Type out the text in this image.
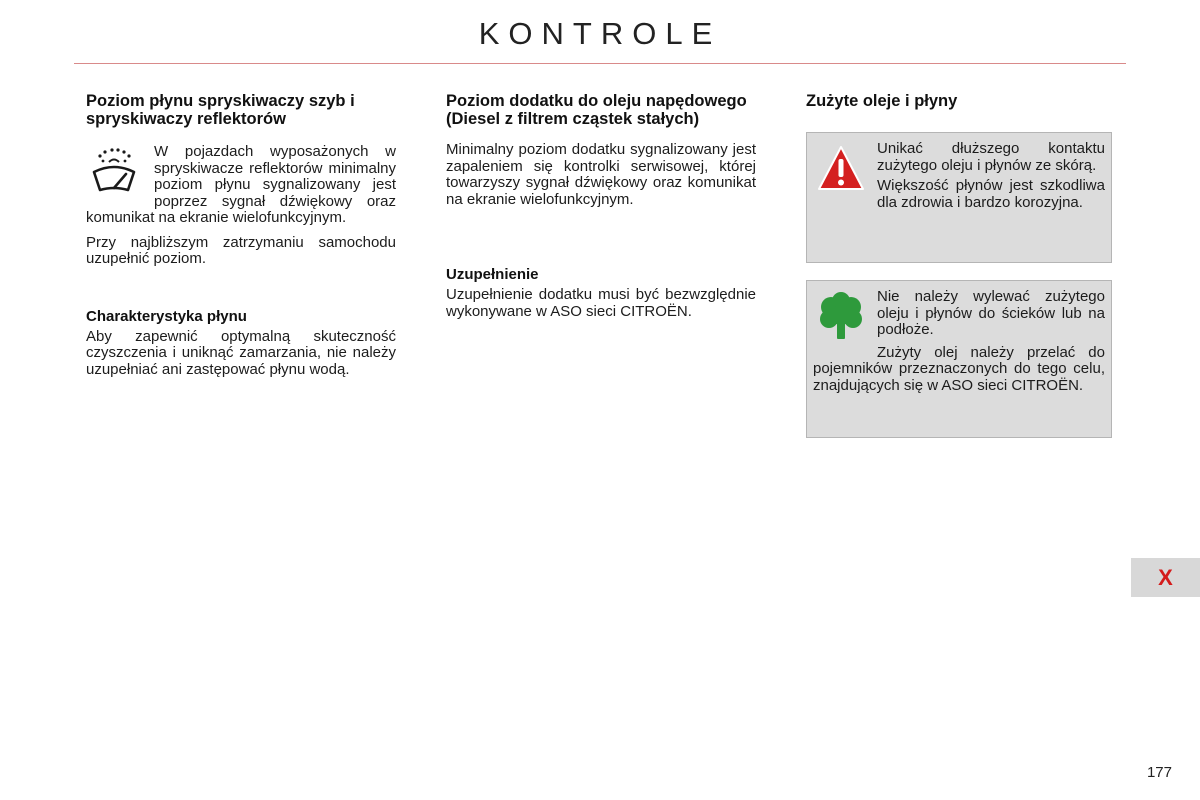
KONTROLE
Poziom płynu spryskiwaczy szyb i spryskiwaczy reflektorów

W pojazdach wyposażonych w spryskiwacze reflektorów minimalny poziom płynu sygnalizowany jest poprzez sygnał dźwiękowy oraz komunikat na ekranie wielofunkcyjnym.

Przy najbliższym zatrzymaniu samochodu uzupełnić poziom.

Charakterystyka płynu

Aby zapewnić optymalną skuteczność czyszczenia i uniknąć zamarzania, nie należy uzupełniać ani zastępować płynu wodą.

Poziom dodatku do oleju napędowego (Diesel z filtrem cząstek stałych)

Minimalny poziom dodatku sygnalizowany jest zapaleniem się kontrolki serwisowej, której towarzyszy sygnał dźwiękowy oraz komunikat na ekranie wielofunkcyjnym.

Uzupełnienie

Uzupełnienie dodatku musi być bezwzględnie wykonywane w ASO sieci CITROËN.

Zużyte oleje i płyny

Unikać dłuższego kontaktu zużytego oleju i płynów ze skórą.

Większość płynów jest szkodliwa dla zdrowia i bardzo korozyjna.

Nie należy wylewać zużytego oleju i płynów do ścieków lub na podłoże.

Zużyty olej należy przelać do pojemników przeznaczonych do tego celu, znajdujących się w ASO sieci CITROËN.

X
177
